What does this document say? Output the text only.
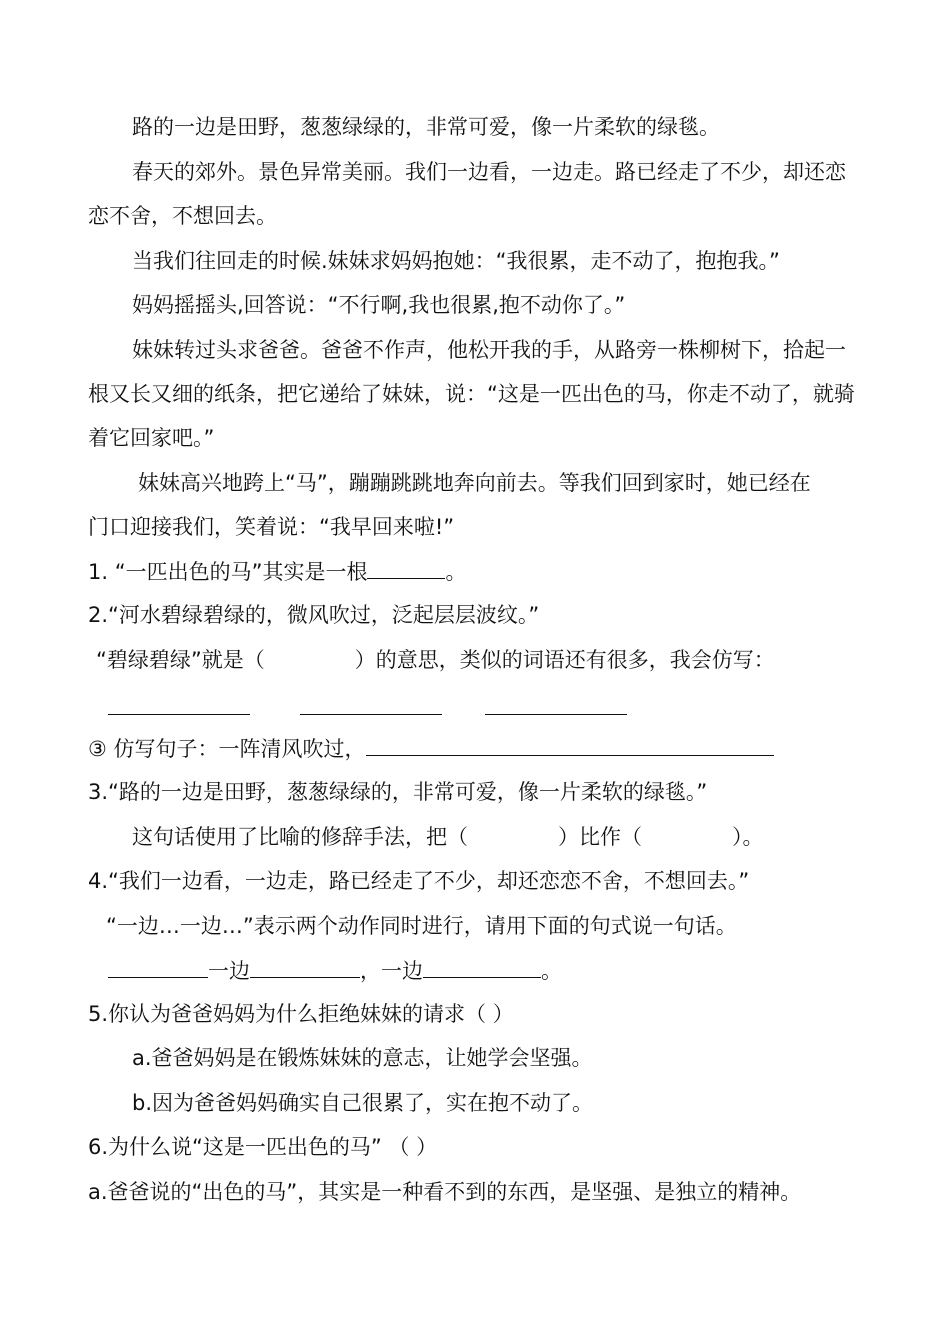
路的一边是田野，葱葱绿绿的，非常可爱，像一片柔软的绿毯。
春天的郊外。景色异常美丽。我们一边看，一边走。路已经走了不少，却还恋
恋不舍，不想回去。
当我们往回走的时候.妹妹求妈妈抱她：“我很累，走不动了，抱抱我。”
妈妈摇摇头,回答说：“不行啊,我也很累,抱不动你了。”
妹妹转过头求爸爸。爸爸不作声，他松开我的手，从路旁一株柳树下，拾起一
根又长又细的纸条，把它递给了妹妹，说：“这是一匹出色的马，你走不动了，就骑
着它回家吧。”
妹妹高兴地跨上“马”，蹦蹦跳跳地奔向前去。等我们回到家时，她已经在
门口迎接我们，笑着说：“我早回来啦!”
1. “一匹出色的马”其实是一根	。
2.“河水碧绿碧绿的，微风吹过，泛起层层波纹。”
“碧绿碧绿”就是（	）的意思，类似的词语还有很多，我会仿写：
③ 仿写句子：一阵清风吹过，
3.“路的一边是田野，葱葱绿绿的，非常可爱，像一片柔软的绿毯。”
这句话使用了比喻的修辞手法，把（	）比作（	）。
4.“我们一边看，一边走，路已经走了不少，却还恋恋不舍，不想回去。”
“一边…一边…”表示两个动作同时进行，请用下面的句式说一句话。
一边	，一边	。
5.你认为爸爸妈妈为什么拒绝妹妹的请求（ ）
a.爸爸妈妈是在锻炼妹妹的意志，让她学会坚强。
b.因为爸爸妈妈确实自己很累了，实在抱不动了。
6.为什么说“这是一匹出色的马” （ ）
a.爸爸说的“出色的马”，其实是一种看不到的东西，是坚强、是独立的精神。
